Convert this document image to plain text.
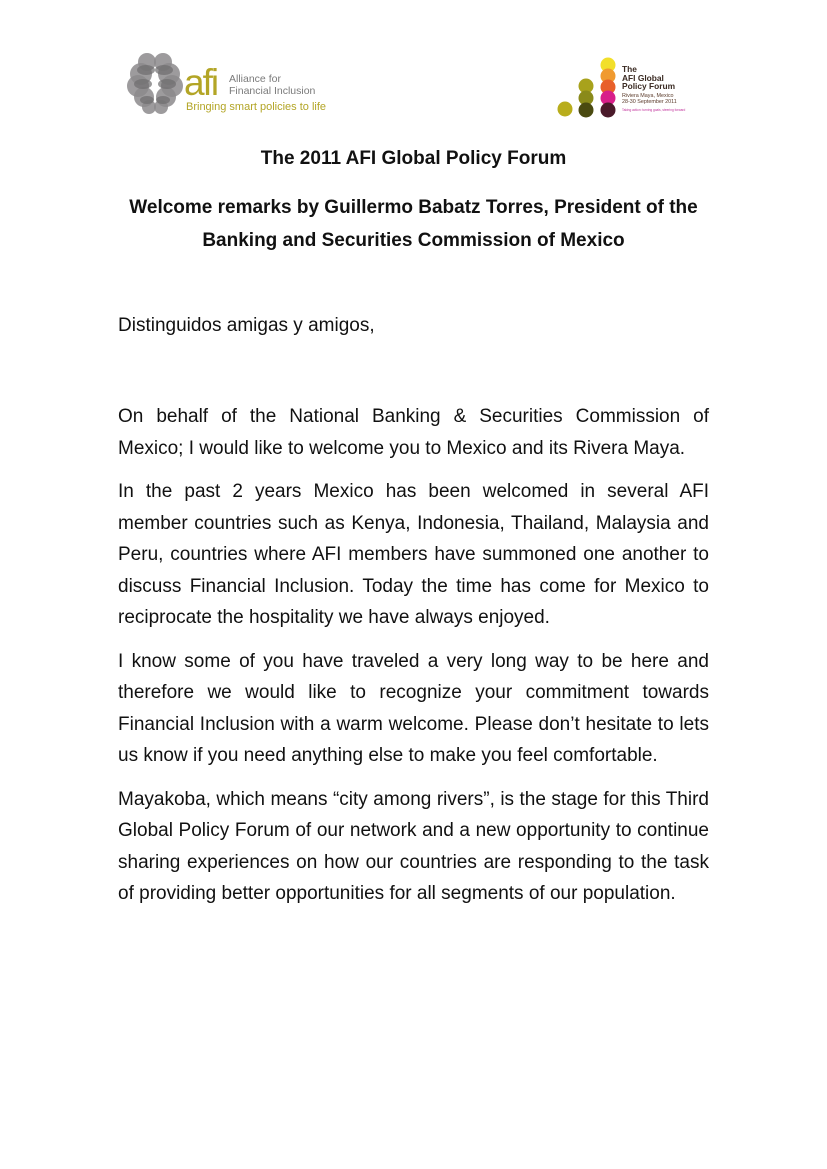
afi Alliance for
Financial Inclusion
Bringing smart policies to life
The
AFI Global
Policy Forum
Riviera Maya, Mexico
28-30 September 2011
Taking action: turning goals, steering forward
The 2011 AFI Global Policy Forum
Welcome remarks by Guillermo Babatz Torres, President of the Banking and Securities Commission of Mexico
Distinguidos amigas y amigos,

On behalf of the National Banking & Securities Commission of Mexico; I would like to welcome you to Mexico and its Rivera Maya.

In the past 2 years Mexico has been welcomed in several AFI member countries such as Kenya, Indonesia, Thailand, Malaysia and Peru, countries where AFI members have summoned one another to discuss Financial Inclusion. Today the time has come for Mexico to reciprocate the hospitality we have always enjoyed.

I know some of you have traveled a very long way to be here and therefore we would like to recognize your commitment towards Financial Inclusion with a warm welcome. Please don’t hesitate to lets us know if you need anything else to make you feel comfortable.

Mayakoba, which means “city among rivers”, is the stage for this Third Global Policy Forum of our network and a new opportunity to continue sharing experiences on how our countries are responding to the task of providing better opportunities for all segments of our population.
